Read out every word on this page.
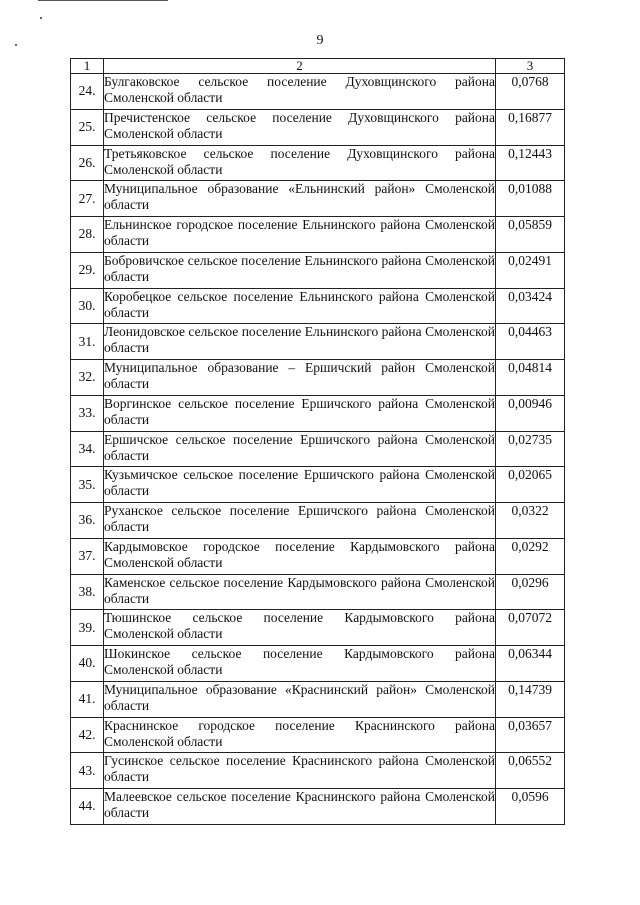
9
1	2	3
24.	Булгаковское сельское поселение Духовщинского района Смоленской области	0,0768
25.	Пречистенское сельское поселение Духовщинского района Смоленской области	0,16877
26.	Третьяковское сельское поселение Духовщинского района Смоленской области	0,12443
27.	Муниципальное образование «Ельнинский район» Смоленской области	0,01088
28.	Ельнинское городское поселение Ельнинского района Смоленской области	0,05859
29.	Бобровичское сельское поселение Ельнинского района Смоленской области	0,02491
30.	Коробецкое сельское поселение Ельнинского района Смоленской области	0,03424
31.	Леонидовское сельское поселение Ельнинского района Смоленской области	0,04463
32.	Муниципальное образование – Ершичский район Смоленской области	0,04814
33.	Воргинское сельское поселение Ершичского района Смоленской области	0,00946
34.	Ершичское сельское поселение Ершичского района Смоленской области	0,02735
35.	Кузьмичское сельское поселение Ершичского района Смоленской области	0,02065
36.	Руханское сельское поселение Ершичского района Смоленской области	0,0322
37.	Кардымовское городское поселение Кардымовского района Смоленской области	0,0292
38.	Каменское сельское поселение Кардымовского района Смоленской области	0,0296
39.	Тюшинское сельское поселение Кардымовского района Смоленской области	0,07072
40.	Шокинское сельское поселение Кардымовского района Смоленской области	0,06344
41.	Муниципальное образование «Краснинский район» Смоленской области	0,14739
42.	Краснинское городское поселение Краснинского района Смоленской области	0,03657
43.	Гусинское сельское поселение Краснинского района Смоленской области	0,06552
44.	Малеевское сельское поселение Краснинского района Смоленской области	0,0596
